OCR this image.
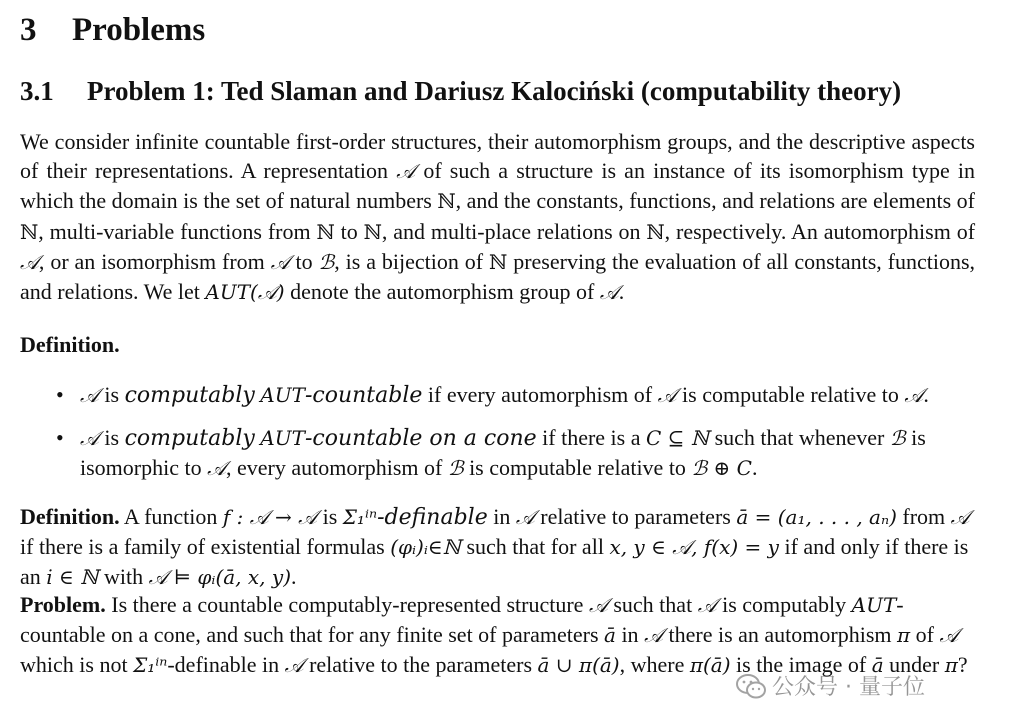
3 Problems
3.1 Problem 1: Ted Slaman and Dariusz Kalociński (computability theory)

We consider infinite countable first-order structures, their automorphism groups, and the descriptive aspects of their representations. A representation 𝒜 of such a structure is an instance of its isomorphism type in which the domain is the set of natural numbers ℕ, and the constants, functions, and relations are elements of ℕ, multi-variable functions from ℕ to ℕ, and multi-place relations on ℕ, respectively. An automorphism of 𝒜, or an isomorphism from 𝒜 to ℬ, is a bijection of ℕ preserving the evaluation of all constants, functions, and relations. We let AUT(𝒜) denote the automorphism group of 𝒜.

Definition.

• 𝒜 is computably AUT-countable if every automorphism of 𝒜 is computable relative to 𝒜.
• 𝒜 is computably AUT-countable on a cone if there is a C ⊆ ℕ such that whenever ℬ is isomorphic to 𝒜, every automorphism of ℬ is computable relative to ℬ ⊕ C.

Definition. A function f : 𝒜 → 𝒜 is Σ₁ⁱⁿ-definable in 𝒜 relative to parameters ā = (a₁, . . . , aₙ) from 𝒜 if there is a family of existential formulas (φᵢ)ᵢ∈ℕ such that for all x, y ∈ 𝒜, f(x) = y if and only if there is an i ∈ ℕ with 𝒜 ⊨ φᵢ(ā, x, y).

Problem. Is there a countable computably-represented structure 𝒜 such that 𝒜 is computably AUT-countable on a cone, and such that for any finite set of parameters ā in 𝒜 there is an automorphism π of 𝒜 which is not Σ₁ⁱⁿ-definable in 𝒜 relative to the parameters ā ∪ π(ā), where π(ā) is the image of ā under π?

公众号 · 量子位
